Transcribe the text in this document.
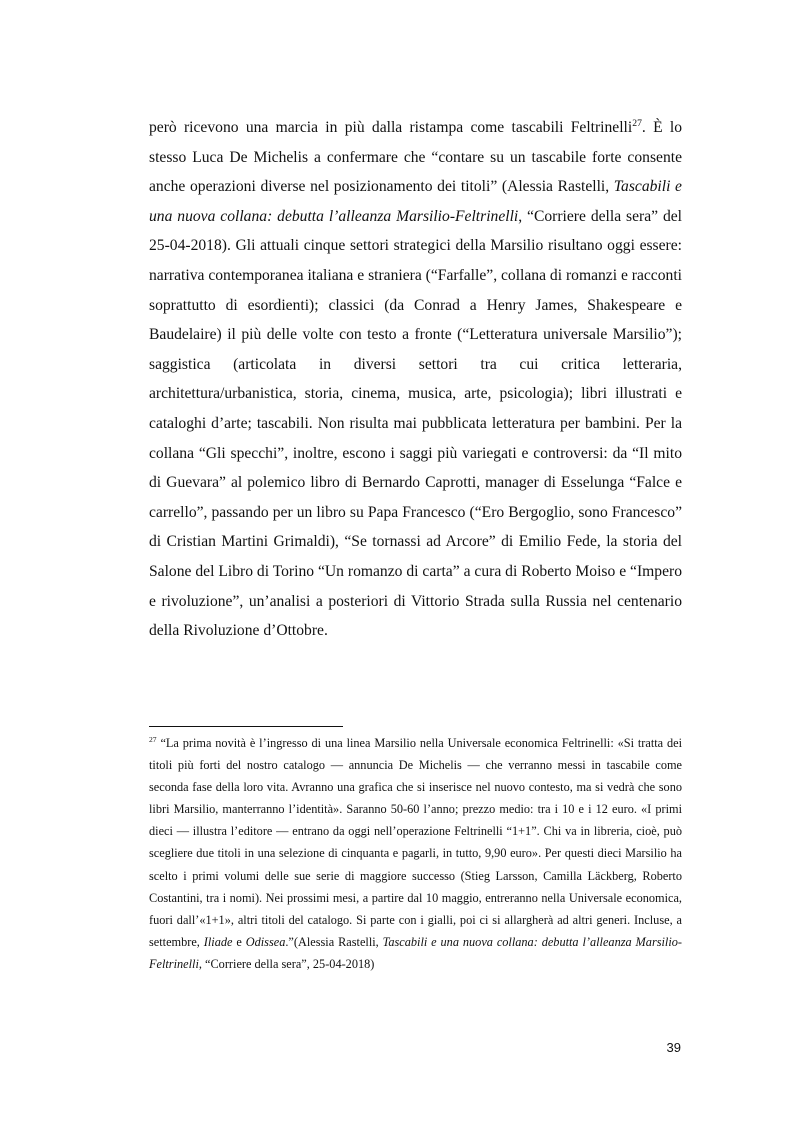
però ricevono una marcia in più dalla ristampa come tascabili Feltrinelli$^{27}$. È lo stesso Luca De Michelis a confermare che “contare su un tascabile forte consente anche operazioni diverse nel posizionamento dei titoli” (Alessia Rastelli, Tascabili e una nuova collana: debutta l’alleanza Marsilio-Feltrinelli, “Corriere della sera” del 25-04-2018). Gli attuali cinque settori strategici della Marsilio risultano oggi essere: narrativa contemporanea italiana e straniera (“Farfalle”, collana di romanzi e racconti soprattutto di esordienti); classici (da Conrad a Henry James, Shakespeare e Baudelaire) il più delle volte con testo a fronte (“Letteratura universale Marsilio”); saggistica (articolata in diversi settori tra cui critica letteraria, architettura/urbanistica, storia, cinema, musica, arte, psicologia); libri illustrati e cataloghi d’arte; tascabili. Non risulta mai pubblicata letteratura per bambini. Per la collana “Gli specchi”, inoltre, escono i saggi più variegati e controversi: da “Il mito di Guevara” al polemico libro di Bernardo Caprotti, manager di Esselunga “Falce e carrello”, passando per un libro su Papa Francesco (“Ero Bergoglio, sono Francesco” di Cristian Martini Grimaldi), “Se tornassi ad Arcore” di Emilio Fede, la storia del Salone del Libro di Torino “Un romanzo di carta” a cura di Roberto Moiso e “Impero e rivoluzione”, un’analisi a posteriori di Vittorio Strada sulla Russia nel centenario della Rivoluzione d’Ottobre.

$^{27}$ “La prima novità è l’ingresso di una linea Marsilio nella Universale economica Feltrinelli: «Si tratta dei titoli più forti del nostro catalogo — annuncia De Michelis — che verranno messi in tascabile come seconda fase della loro vita. Avranno una grafica che si inserisce nel nuovo contesto, ma si vedrà che sono libri Marsilio, manterranno l’identità». Saranno 50-60 l’anno; prezzo medio: tra i 10 e i 12 euro. «I primi dieci — illustra l’editore — entrano da oggi nell’operazione Feltrinelli “1+1”. Chi va in libreria, cioè, può scegliere due titoli in una selezione di cinquanta e pagarli, in tutto, 9,90 euro». Per questi dieci Marsilio ha scelto i primi volumi delle sue serie di maggiore successo (Stieg Larsson, Camilla Läckberg, Roberto Costantini, tra i nomi). Nei prossimi mesi, a partire dal 10 maggio, entreranno nella Universale economica, fuori dall’«1+1», altri titoli del catalogo. Si parte con i gialli, poi ci si allargherà ad altri generi. Incluse, a settembre, Iliade e Odissea.”(Alessia Rastelli, Tascabili e una nuova collana: debutta l’alleanza Marsilio-Feltrinelli, “Corriere della sera”, 25-04-2018)

39
